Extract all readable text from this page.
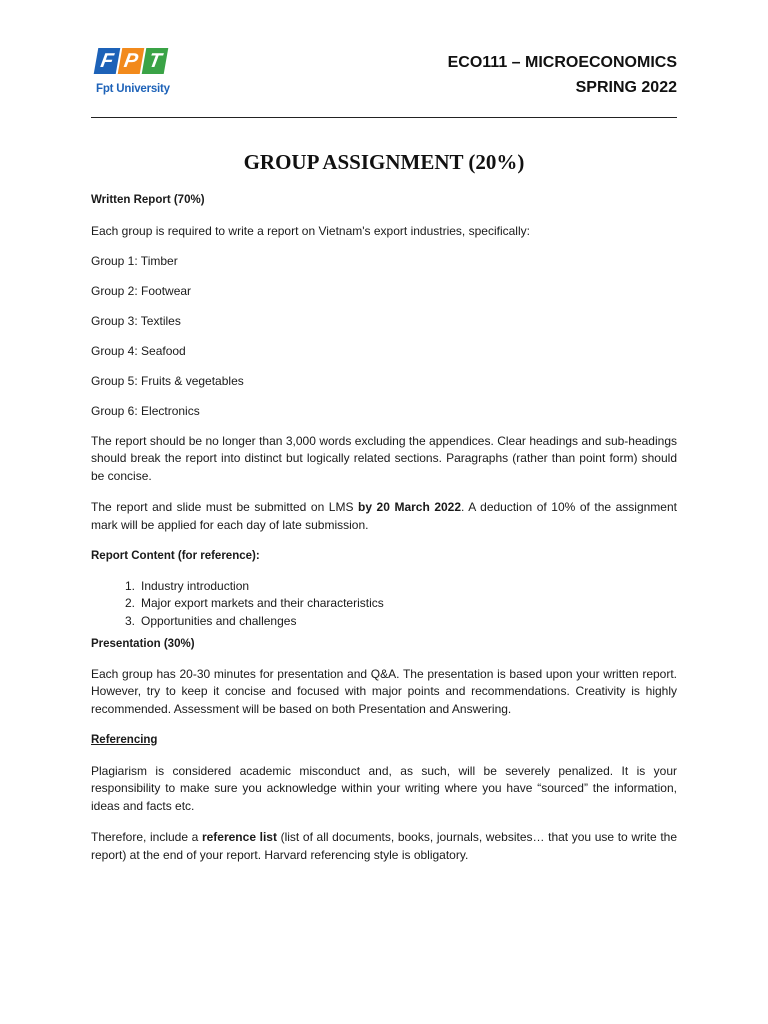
F P T
Fpt University
ECO111 – MICROECONOMICS
SPRING 2022
GROUP ASSIGNMENT (20%)

Written Report (70%)

Each group is required to write a report on Vietnam's export industries, specifically:

Group 1: Timber

Group 2: Footwear

Group 3: Textiles

Group 4: Seafood

Group 5: Fruits & vegetables

Group 6: Electronics

The report should be no longer than 3,000 words excluding the appendices. Clear headings and sub-headings should break the report into distinct but logically related sections. Paragraphs (rather than point form) should be concise.

The report and slide must be submitted on LMS by 20 March 2022. A deduction of 10% of the assignment mark will be applied for each day of late submission.

Report Content (for reference):

1. Industry introduction
2. Major export markets and their characteristics
3. Opportunities and challenges

Presentation (30%)

Each group has 20-30 minutes for presentation and Q&A. The presentation is based upon your written report. However, try to keep it concise and focused with major points and recommendations. Creativity is highly recommended. Assessment will be based on both Presentation and Answering.

Referencing

Plagiarism is considered academic misconduct and, as such, will be severely penalized. It is your responsibility to make sure you acknowledge within your writing where you have “sourced” the information, ideas and facts etc.

Therefore, include a reference list (list of all documents, books, journals, websites… that you use to write the report) at the end of your report. Harvard referencing style is obligatory.
